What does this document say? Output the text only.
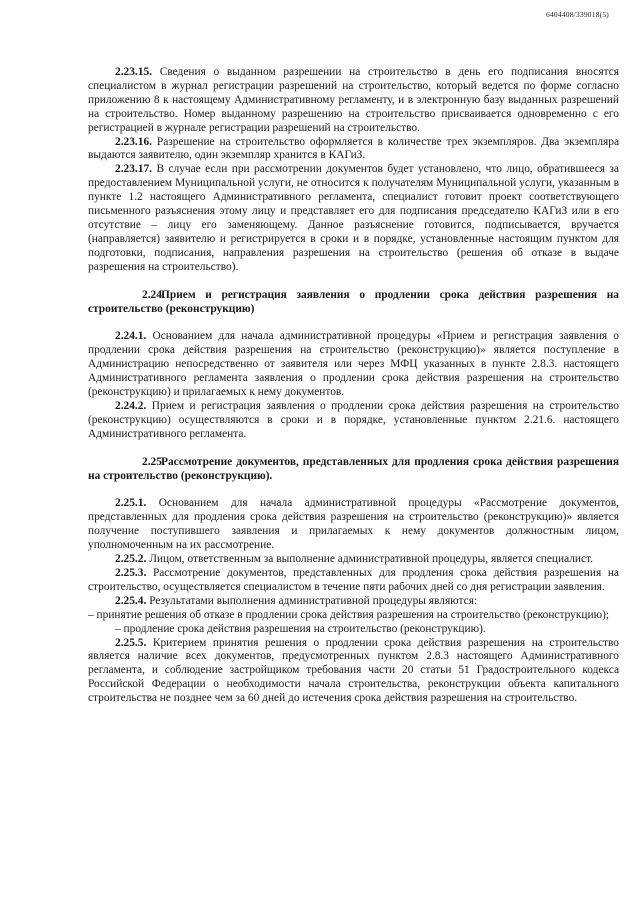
6404408/339018(5)

2.23.15. Сведения о выданном разрешении на строительство в день его подписания вносятся специалистом в журнал регистрации разрешений на строительство, который ведется по форме согласно приложению 8 к настоящему Административному регламенту, и в электронную базу выданных разрешений на строительство. Номер выданному разрешению на строительство присваивается одновременно с его регистрацией в журнале регистрации разрешений на строительство.

2.23.16. Разрешение на строительство оформляется в количестве трех экземпляров. Два экземпляра выдаются заявителю, один экземпляр хранится в КАГиЗ.

2.23.17. В случае если при рассмотрении документов будет установлено, что лицо, обратившееся за предоставлением Муниципальной услуги, не относится к получателям Муниципальной услуги, указанным в пункте 1.2 настоящего Административного регламента, специалист готовит проект соответствующего письменного разъяснения этому лицу и представляет его для подписания председателю КАГиЗ или в его отсутствие – лицу его заменяющему. Данное разъяснение готовится, подписывается, вручается (направляется) заявителю и регистрируется в сроки и в порядке, установленные настоящим пунктом для подготовки, подписания, направления разрешения на строительство (решения об отказе в выдаче разрешения на строительство).

2.24.Прием и регистрация заявления о продлении срока действия разрешения на строительство (реконструкцию)

2.24.1. Основанием для начала административной процедуры «Прием и регистрация заявления о продлении срока действия разрешения на строительство (реконструкцию)» является поступление в Администрацию непосредственно от заявителя или через МФЦ указанных в пункте 2.8.3. настоящего Административного регламента заявления о продлении срока действия разрешения на строительство (реконструкцию) и прилагаемых к нему документов.

2.24.2. Прием и регистрация заявления о продлении срока действия разрешения на строительство (реконструкцию) осуществляются в сроки и в порядке, установленные пунктом 2.21.6. настоящего Административного регламента.

2.25.Рассмотрение документов, представленных для продления срока действия разрешения на строительство (реконструкцию).

2.25.1. Основанием для начала административной процедуры «Рассмотрение документов, представленных для продления срока действия разрешения на строительство (реконструкцию)» является получение поступившего заявления и прилагаемых к нему документов должностным лицом, уполномоченным на их рассмотрение.

2.25.2. Лицом, ответственным за выполнение административной процедуры, является специалист.

2.25.3. Рассмотрение документов, представленных для продления срока действия разрешения на строительство, осуществляется специалистом в течение пяти рабочих дней со дня регистрации заявления.

2.25.4. Результатами выполнения административной процедуры являются:

– принятие решения об отказе в продлении срока действия разрешения на строительство (реконструкцию);

– продление срока действия разрешения на строительство (реконструкцию).

2.25.5. Критерием принятия решения о продлении срока действия разрешения на строительство является наличие всех документов, предусмотренных пунктом 2.8.3 настоящего Административного регламента, и соблюдение застройщиком требования части 20 статьи 51 Градостроительного кодекса Российской Федерации о необходимости начала строительства, реконструкции объекта капитального строительства не позднее чем за 60 дней до истечения срока действия разрешения на строительство.
